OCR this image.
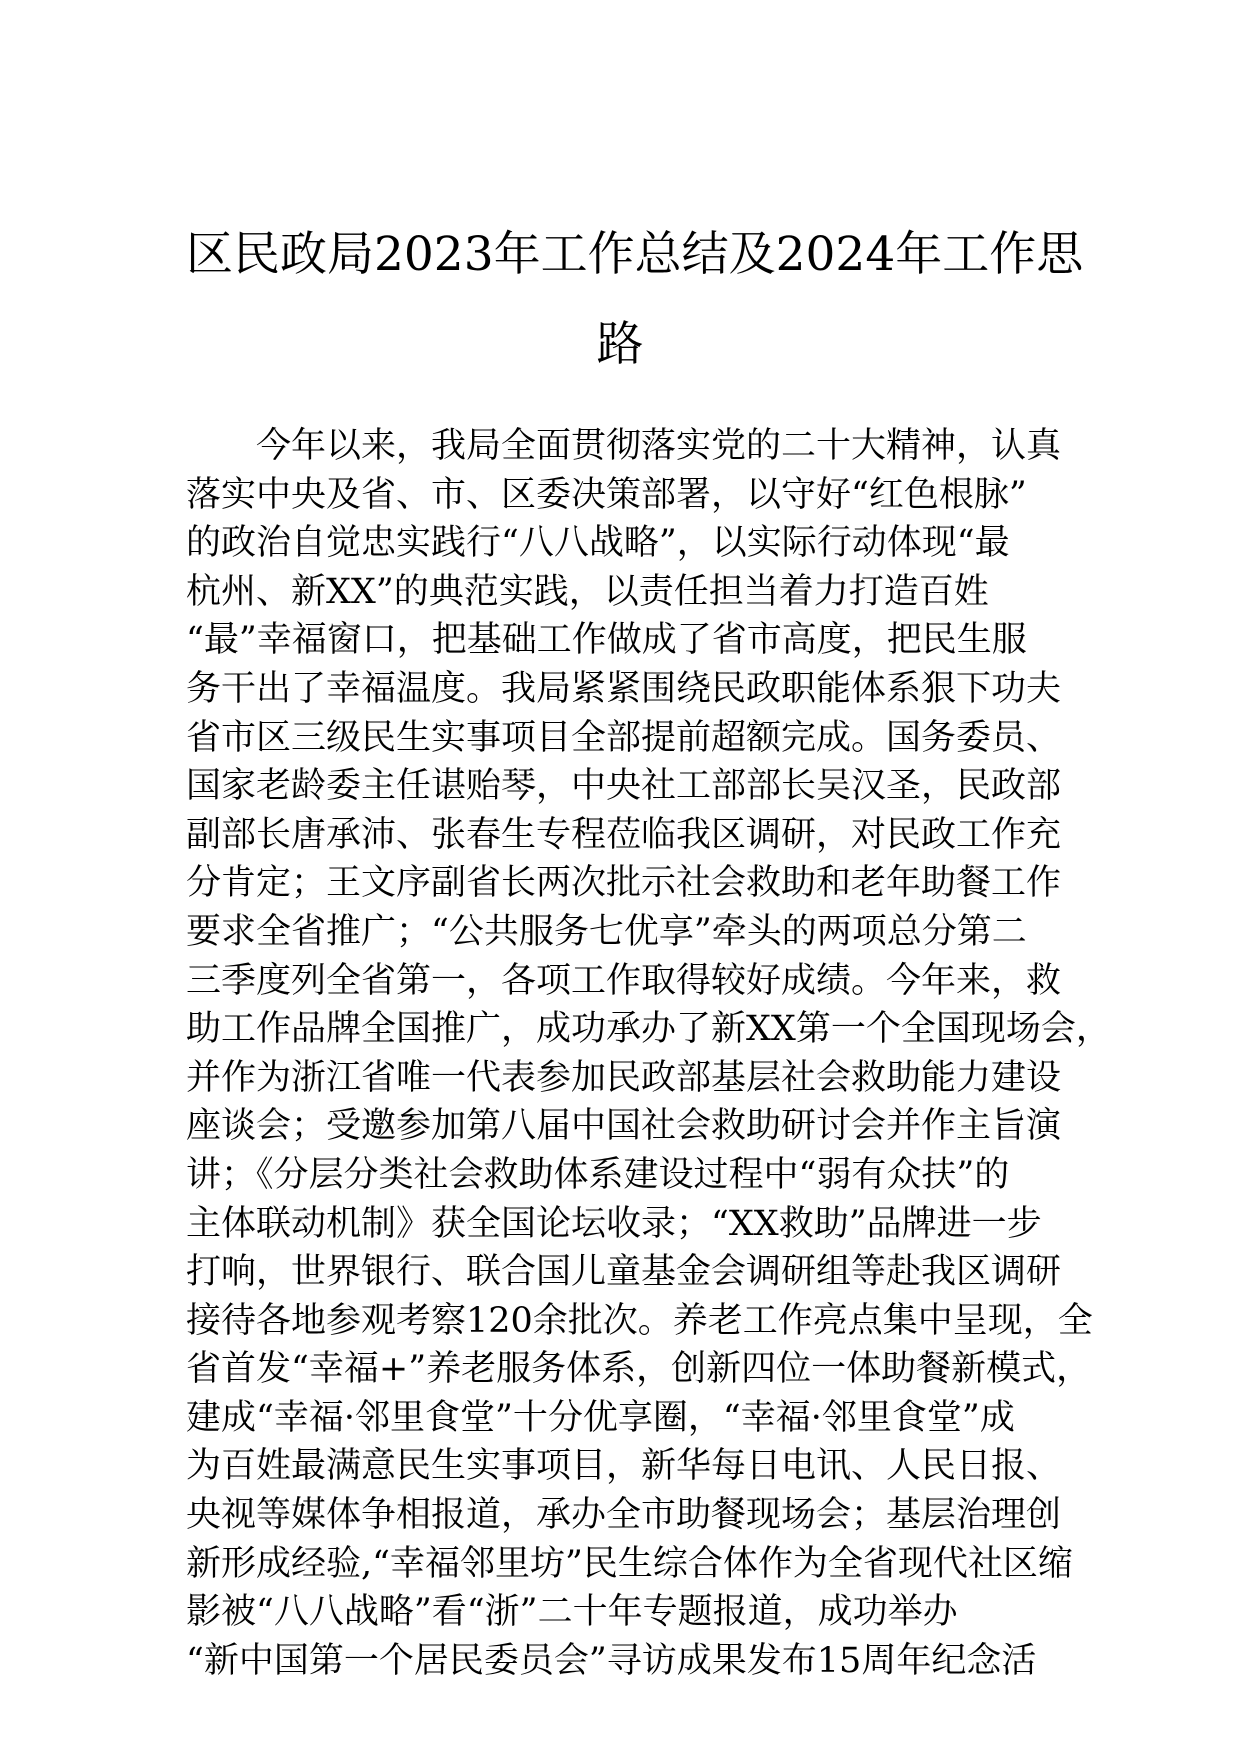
区民政局2023年工作总结及2024年工作思
路
今年以来，我局全面贯彻落实党的二十大精神，认真
落实中央及省、市、区委决策部署，以守好“红色根脉”
的政治自觉忠实践行“八八战略”，以实际行动体现“最
杭州、新XX”的典范实践，以责任担当着力打造百姓
“最”幸福窗口，把基础工作做成了省市高度，把民生服
务干出了幸福温度。我局紧紧围绕民政职能体系狠下功夫
省市区三级民生实事项目全部提前超额完成。国务委员、
国家老龄委主任谌贻琴，中央社工部部长吴汉圣，民政部
副部长唐承沛、张春生专程莅临我区调研，对民政工作充
分肯定；王文序副省长两次批示社会救助和老年助餐工作
要求全省推广；“公共服务七优享”牵头的两项总分第二
三季度列全省第一，各项工作取得较好成绩。今年来，救
助工作品牌全国推广，成功承办了新XX第一个全国现场会，
并作为浙江省唯一代表参加民政部基层社会救助能力建设
座谈会；受邀参加第八届中国社会救助研讨会并作主旨演
讲；《分层分类社会救助体系建设过程中“弱有众扶”的
主体联动机制》获全国论坛收录；“XX救助”品牌进一步
打响，世界银行、联合国儿童基金会调研组等赴我区调研
接待各地参观考察120余批次。养老工作亮点集中呈现，全
省首发“幸福+”养老服务体系，创新四位一体助餐新模式，
建成“幸福·邻里食堂”十分优享圈，“幸福·邻里食堂”成
为百姓最满意民生实事项目，新华每日电讯、人民日报、
央视等媒体争相报道，承办全市助餐现场会；基层治理创
新形成经验,“幸福邻里坊”民生综合体作为全省现代社区缩
影被“八八战略”看“浙”二十年专题报道，成功举办
“新中国第一个居民委员会”寻访成果发布15周年纪念活
